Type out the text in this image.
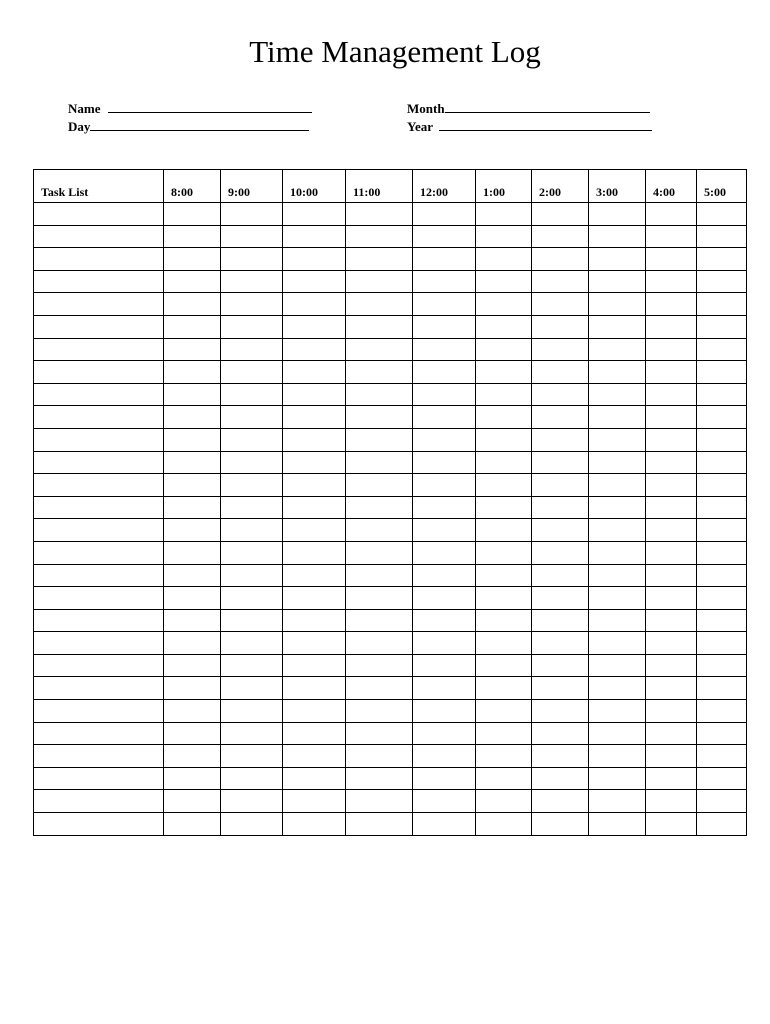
Time Management Log
Name
Day
Month
Year
Task List	8:00	9:00	10:00	11:00	12:00	1:00	2:00	3:00	4:00	5:00
